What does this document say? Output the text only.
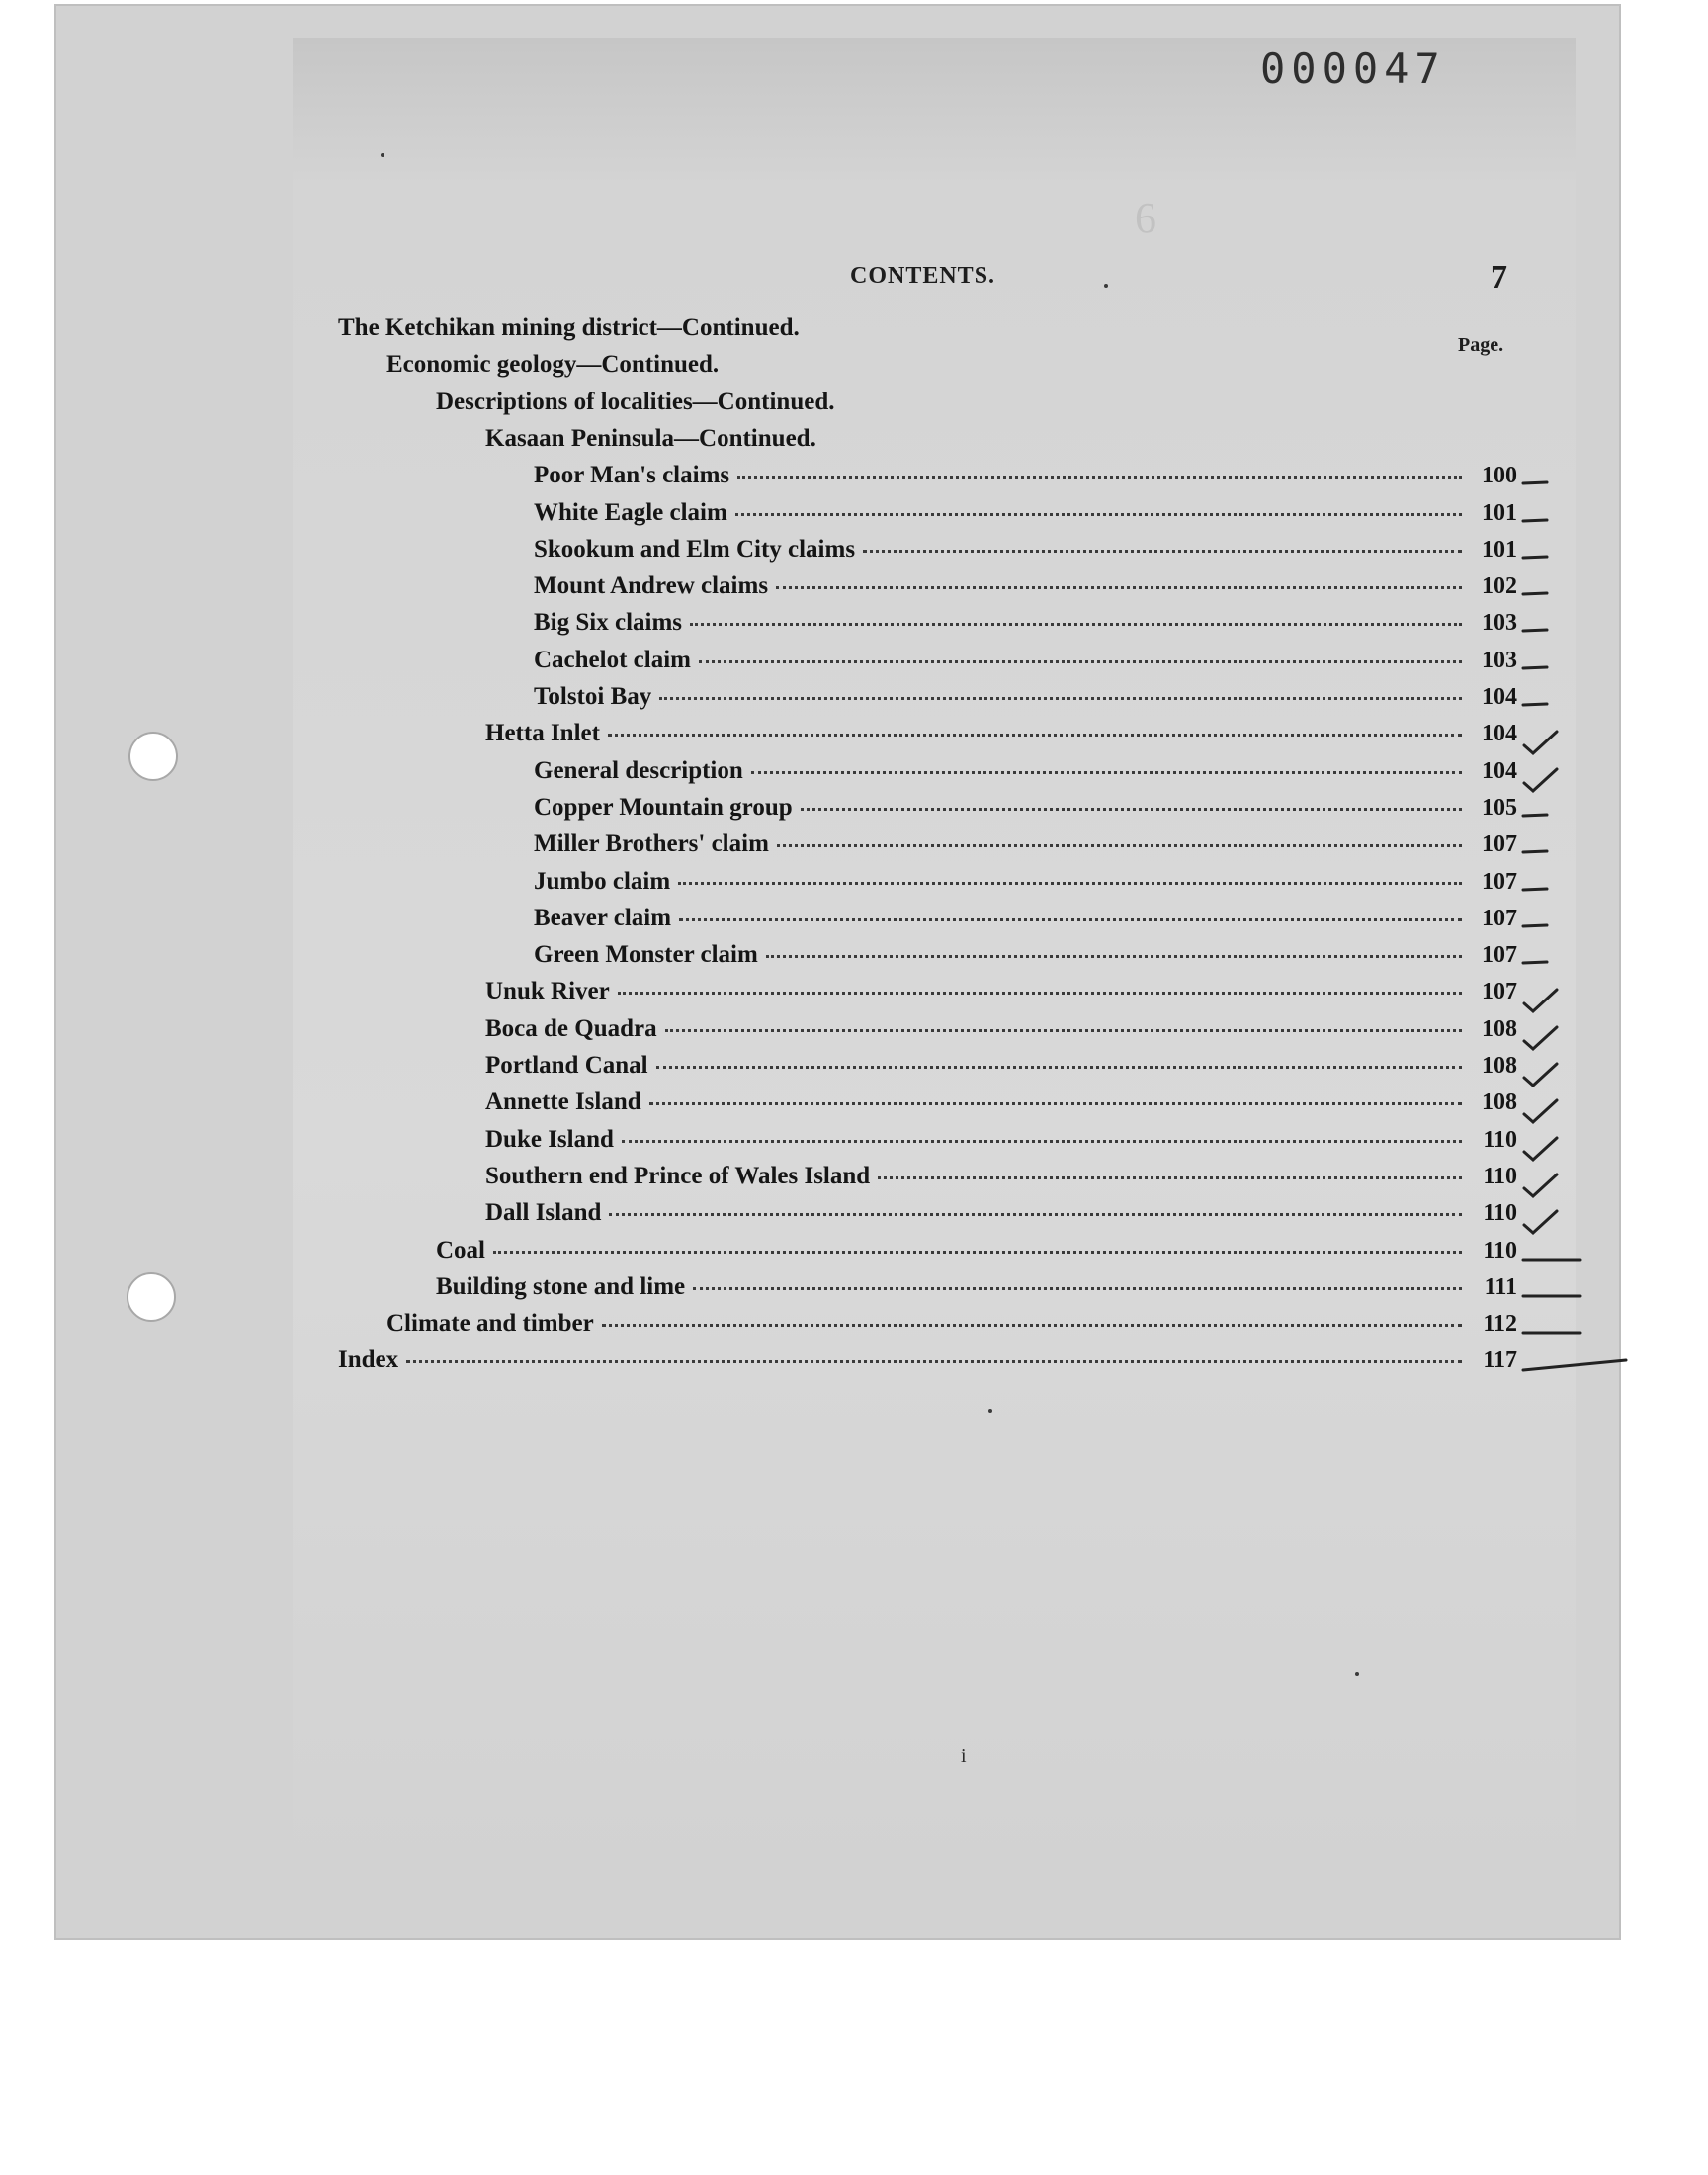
000047
6
CONTENTS.	7
Page.
The Ketchikan mining district—Continued.
Economic geology—Continued.
Descriptions of localities—Continued.
Kasaan Peninsula—Continued.
Poor Man's claims	100
White Eagle claim	101
Skookum and Elm City claims	101
Mount Andrew claims	102
Big Six claims	103
Cachelot claim	103
Tolstoi Bay	104
Hetta Inlet	104
General description	104
Copper Mountain group	105
Miller Brothers' claim	107
Jumbo claim	107
Beaver claim	107
Green Monster claim	107
Unuk River	107
Boca de Quadra	108
Portland Canal	108
Annette Island	108
Duke Island	110
Southern end Prince of Wales Island	110
Dall Island	110
Coal	110
Building stone and lime	111
Climate and timber	112
Index	117
i
